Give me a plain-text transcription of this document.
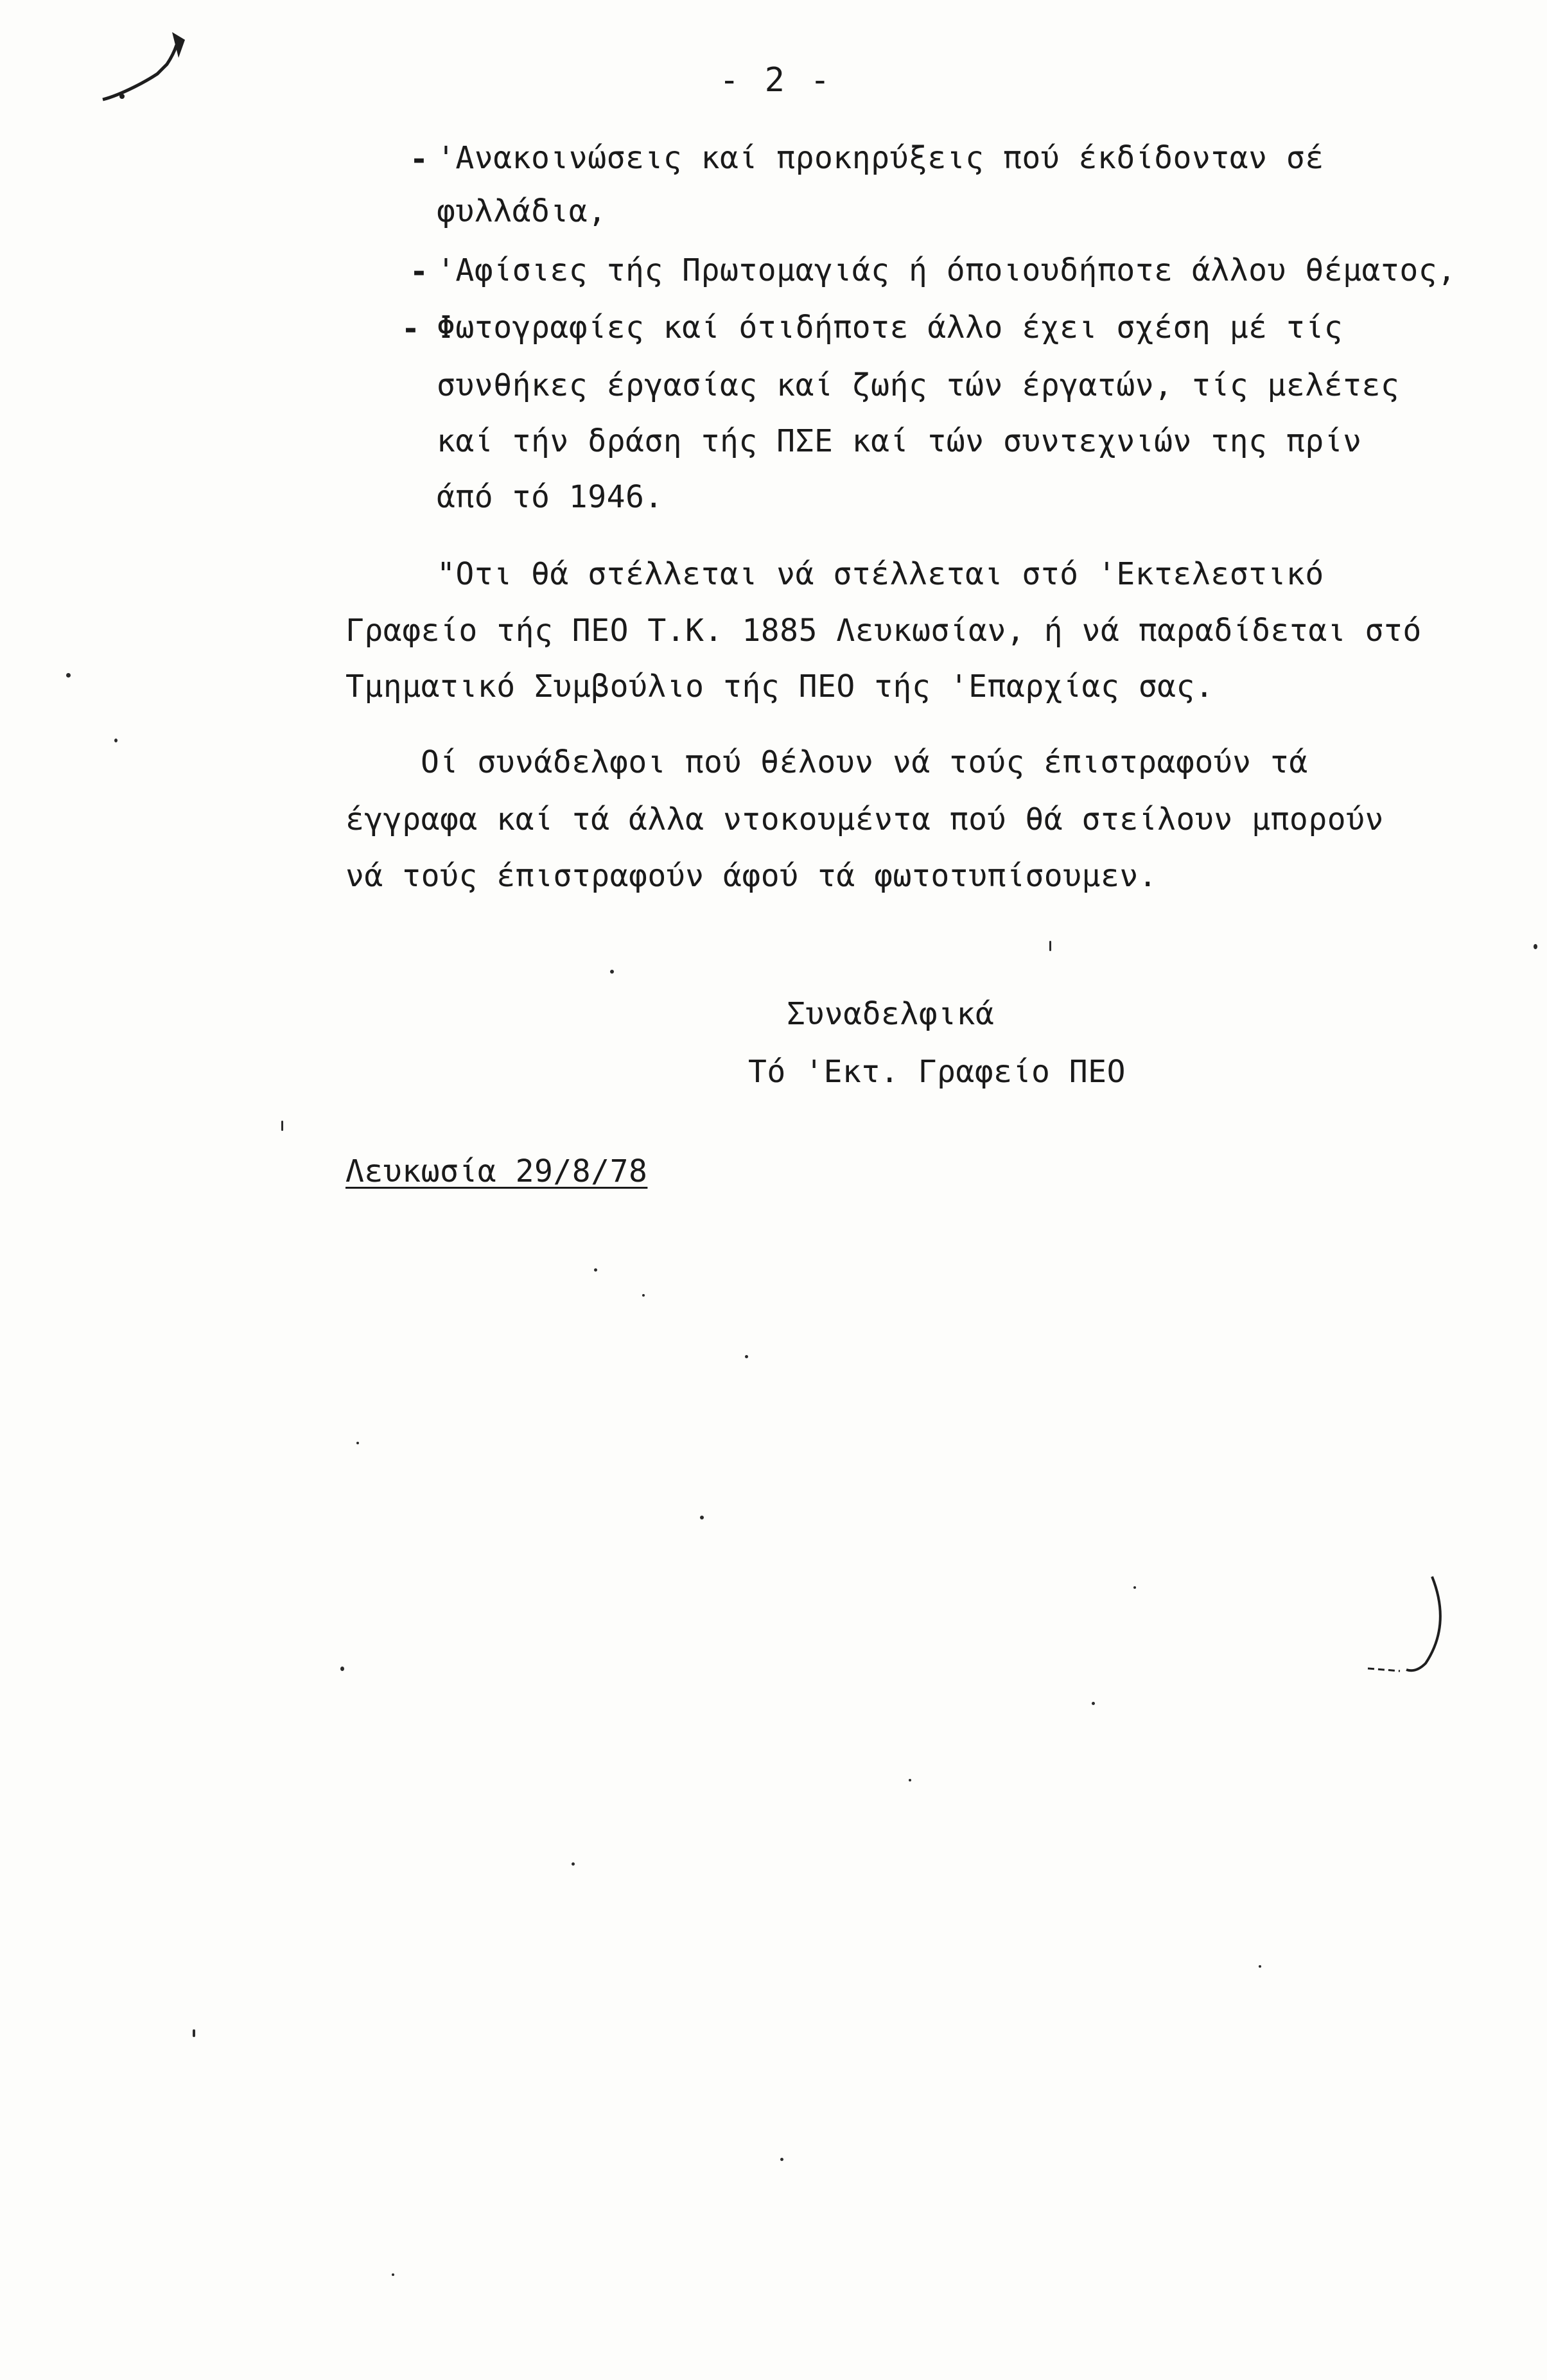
- 2 -
- 'Ανακοινώσεις καί προκηρύξεις πού έκδίδονταν σέ
φυλλάδια,
- 'Αφίσιες τής Πρωτομαγιάς ή όποιουδήποτε άλλου θέματος,
- Φωτογραφίες καί ότιδήποτε άλλο έχει σχέση μέ τίς
συνθήκες έργασίας καί ζωής τών έργατών, τίς μελέτες
καί τήν δράση τής ΠΣΕ καί τών συντεχνιών της πρίν
άπό τό 1946.
"Οτι θά στέλλεται νά στέλλεται στό 'Εκτελεστικό
Γραφείο τής ΠΕΟ Τ.Κ. 1885 Λευκωσίαν, ή νά παραδίδεται στό
Τμηματικό Συμβούλιο τής ΠΕΟ τής 'Επαρχίας σας.
Οί συνάδελφοι πού θέλουν νά τούς έπιστραφούν τά
έγγραφα καί τά άλλα ντοκουμέντα πού θά στείλουν μπορούν
νά τούς έπιστραφούν άφού τά φωτοτυπίσουμεν.
Συναδελφικά
Τό 'Εκτ. Γραφείο ΠΕΟ
Λευκωσία 29/8/78
